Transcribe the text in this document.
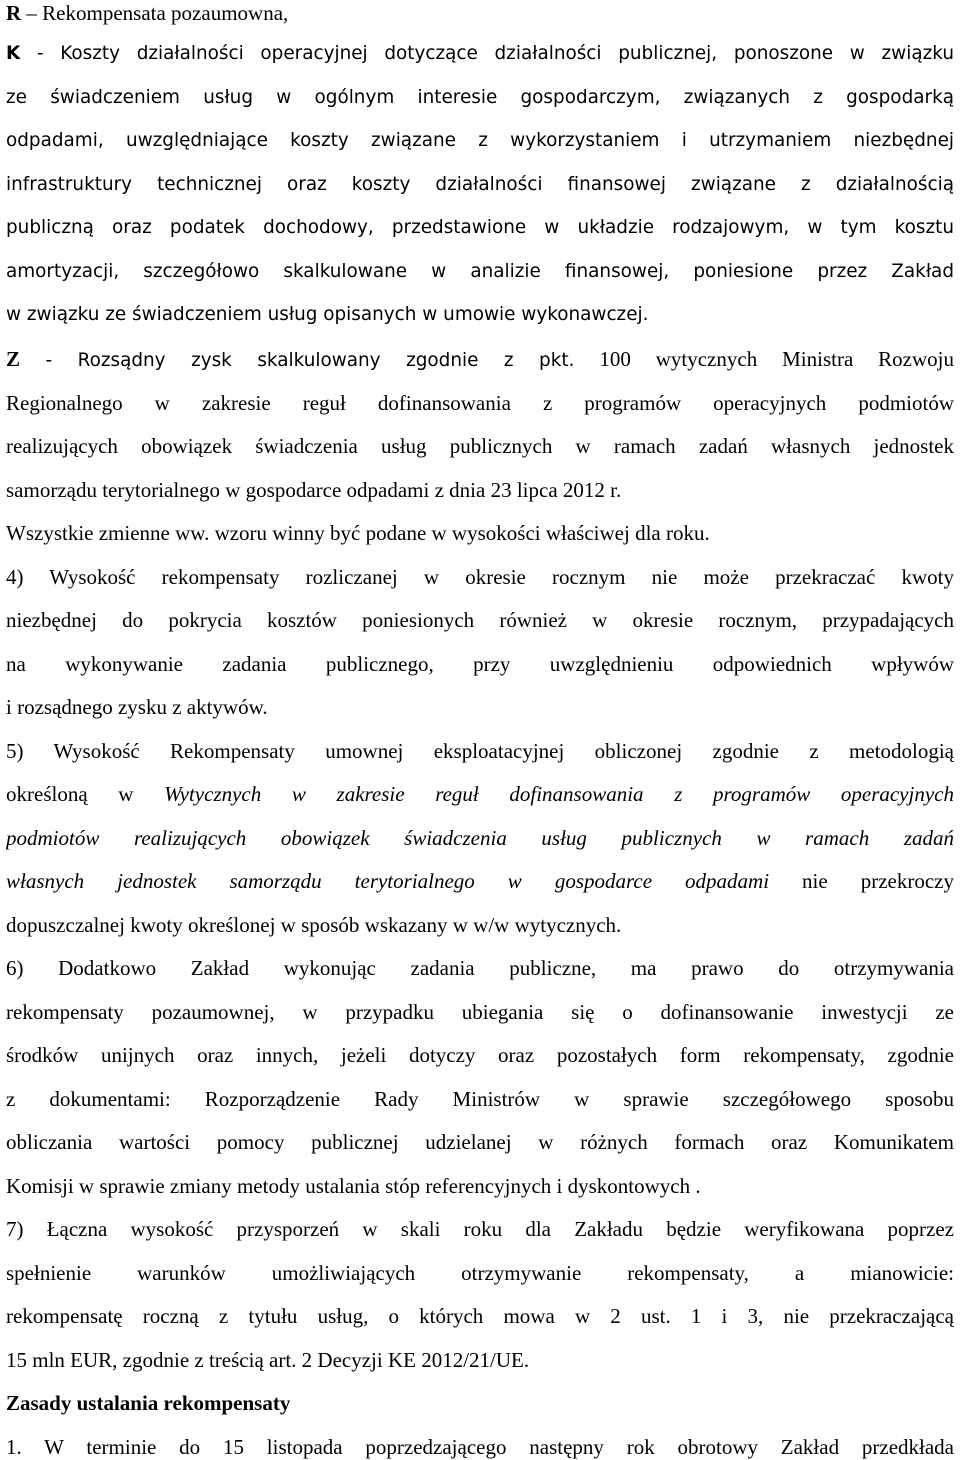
R – Rekompensata pozaumowna,
K - Koszty działalności operacyjnej dotyczące działalności publicznej, ponoszone w związku
ze świadczeniem usług w ogólnym interesie gospodarczym, związanych z gospodarką
odpadami, uwzględniające koszty związane z wykorzystaniem i utrzymaniem niezbędnej
infrastruktury technicznej oraz koszty działalności finansowej związane z działalnością
publiczną oraz podatek dochodowy, przedstawione w układzie rodzajowym, w tym kosztu
amortyzacji, szczegółowo skalkulowane w analizie finansowej, poniesione przez Zakład
w związku ze świadczeniem usług opisanych w umowie wykonawczej.
Z - Rozsądny zysk skalkulowany zgodnie z pkt. 100 wytycznych Ministra Rozwoju
Regionalnego w zakresie reguł dofinansowania z programów operacyjnych podmiotów
realizujących obowiązek świadczenia usług publicznych w ramach zadań własnych jednostek
samorządu terytorialnego w gospodarce odpadami z dnia 23 lipca 2012 r.
Wszystkie zmienne ww. wzoru winny być podane w wysokości właściwej dla roku.
4) Wysokość rekompensaty rozliczanej w okresie rocznym nie może przekraczać kwoty
niezbędnej do pokrycia kosztów poniesionych również w okresie rocznym, przypadających
na wykonywanie zadania publicznego, przy uwzględnieniu odpowiednich wpływów
i rozsądnego zysku z aktywów.
5) Wysokość Rekompensaty umownej eksploatacyjnej obliczonej zgodnie z metodologią
określoną w Wytycznych w zakresie reguł dofinansowania z programów operacyjnych
podmiotów realizujących obowiązek świadczenia usług publicznych w ramach zadań
własnych jednostek samorządu terytorialnego w gospodarce odpadami nie przekroczy
dopuszczalnej kwoty określonej w sposób wskazany w w/w wytycznych.
6) Dodatkowo Zakład wykonując zadania publiczne, ma prawo do otrzymywania
rekompensaty pozaumownej, w przypadku ubiegania się o dofinansowanie inwestycji ze
środków unijnych oraz innych, jeżeli dotyczy oraz pozostałych form rekompensaty, zgodnie
z dokumentami: Rozporządzenie Rady Ministrów w sprawie szczegółowego sposobu
obliczania wartości pomocy publicznej udzielanej w różnych formach oraz Komunikatem
Komisji w sprawie zmiany metody ustalania stóp referencyjnych i dyskontowych .
7) Łączna wysokość przysporzeń w skali roku dla Zakładu będzie weryfikowana poprzez
spełnienie warunków umożliwiających otrzymywanie rekompensaty, a mianowicie:
rekompensatę roczną z tytułu usług, o których mowa w 2 ust. 1 i 3, nie przekraczającą
15 mln EUR, zgodnie z treścią art. 2 Decyzji KE 2012/21/UE.
Zasady ustalania rekompensaty
1. W terminie do 15 listopada poprzedzającego następny rok obrotowy Zakład przedkłada
